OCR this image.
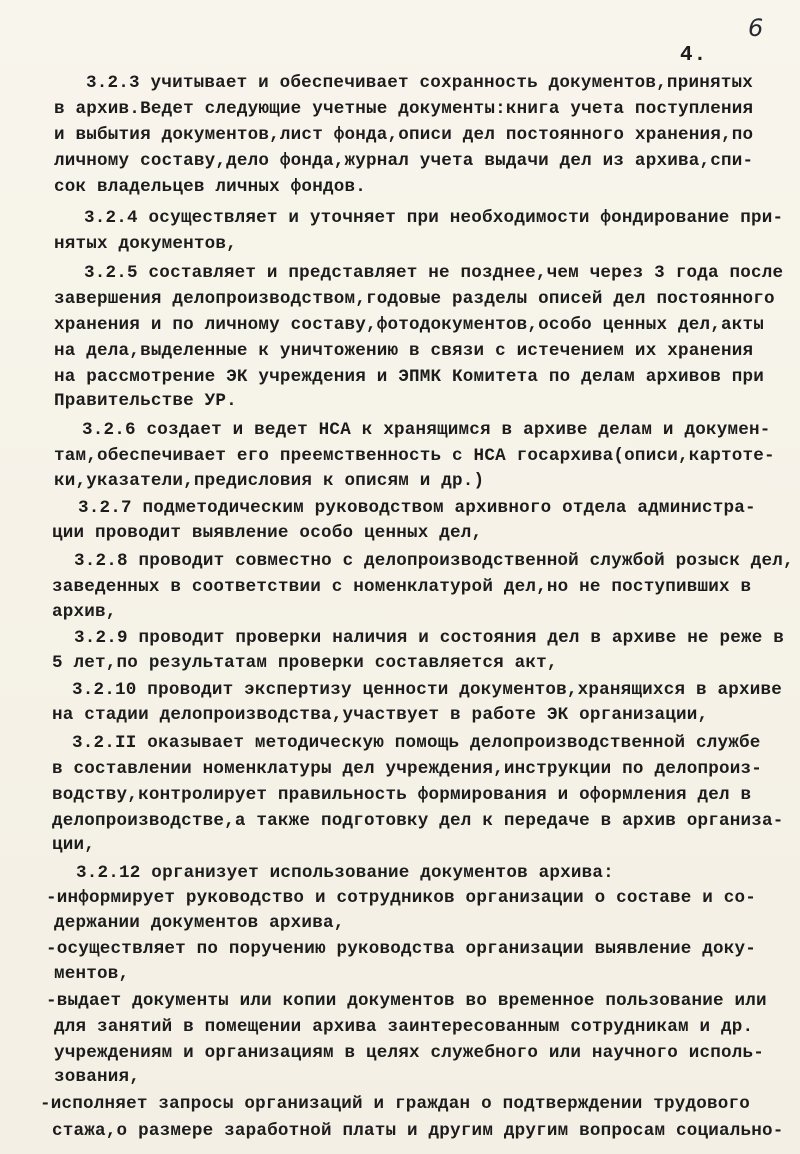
6
4.
3.2.3 учитывает и обеспечивает сохранность документов,принятых
в архив.Ведет следующие учетные документы:книга учета поступления
и выбытия документов,лист фонда,описи дел постоянного хранения,по
личному составу,дело фонда,журнал учета выдачи дел из архива,спи-
сок владельцев личных фондов.
3.2.4 осуществляет и уточняет при необходимости фондирование при-
нятых документов,
3.2.5 составляет и представляет не позднее,чем через 3 года после
завершения делопроизводством,годовые разделы описей дел постоянного
хранения и по личному составу,фотодокументов,особо ценных дел,акты
на дела,выделенные к уничтожению в связи с истечением их хранения
на рассмотрение ЭК учреждения и ЭПМК Комитета по делам архивов при
Правительстве УР.
3.2.6 создает и ведет НСА к хранящимся в архиве делам и докумен-
там,обеспечивает его преемственность с НСА госархива(описи,картоте-
ки,указатели,предисловия к описям и др.)
3.2.7 подметодическим руководством архивного отдела администра-
ции проводит выявление особо ценных дел,
3.2.8 проводит совместно с делопроизводственной службой розыск дел,
заведенных в соответствии с номенклатурой дел,но не поступивших в
архив,
3.2.9 проводит проверки наличия и состояния дел в архиве не реже в
5 лет,по результатам проверки составляется акт,
3.2.10 проводит экспертизу ценности документов,хранящихся в архиве
на стадии делопроизводства,участвует в работе ЭК организации,
3.2.II оказывает методическую помощь делопроизводственной службе
в составлении номенклатуры дел учреждения,инструкции по делопроиз-
водству,контролирует правильность формирования и оформления дел в
делопроизводстве,а также подготовку дел к передаче в архив организа-
ции,
3.2.12 организует использование документов архива:
-информирует руководство и сотрудников организации о составе и со-
держании документов архива,
-осуществляет по поручению руководства организации выявление доку-
ментов,
-выдает документы или копии документов во временное пользование или
для занятий в помещении архива заинтересованным сотрудникам и др.
учреждениям и организациям в целях служебного или научного исполь-
зования,
-исполняет запросы организаций и граждан о подтверждении трудового
стажа,о размере заработной платы и другим другим вопросам социально-
